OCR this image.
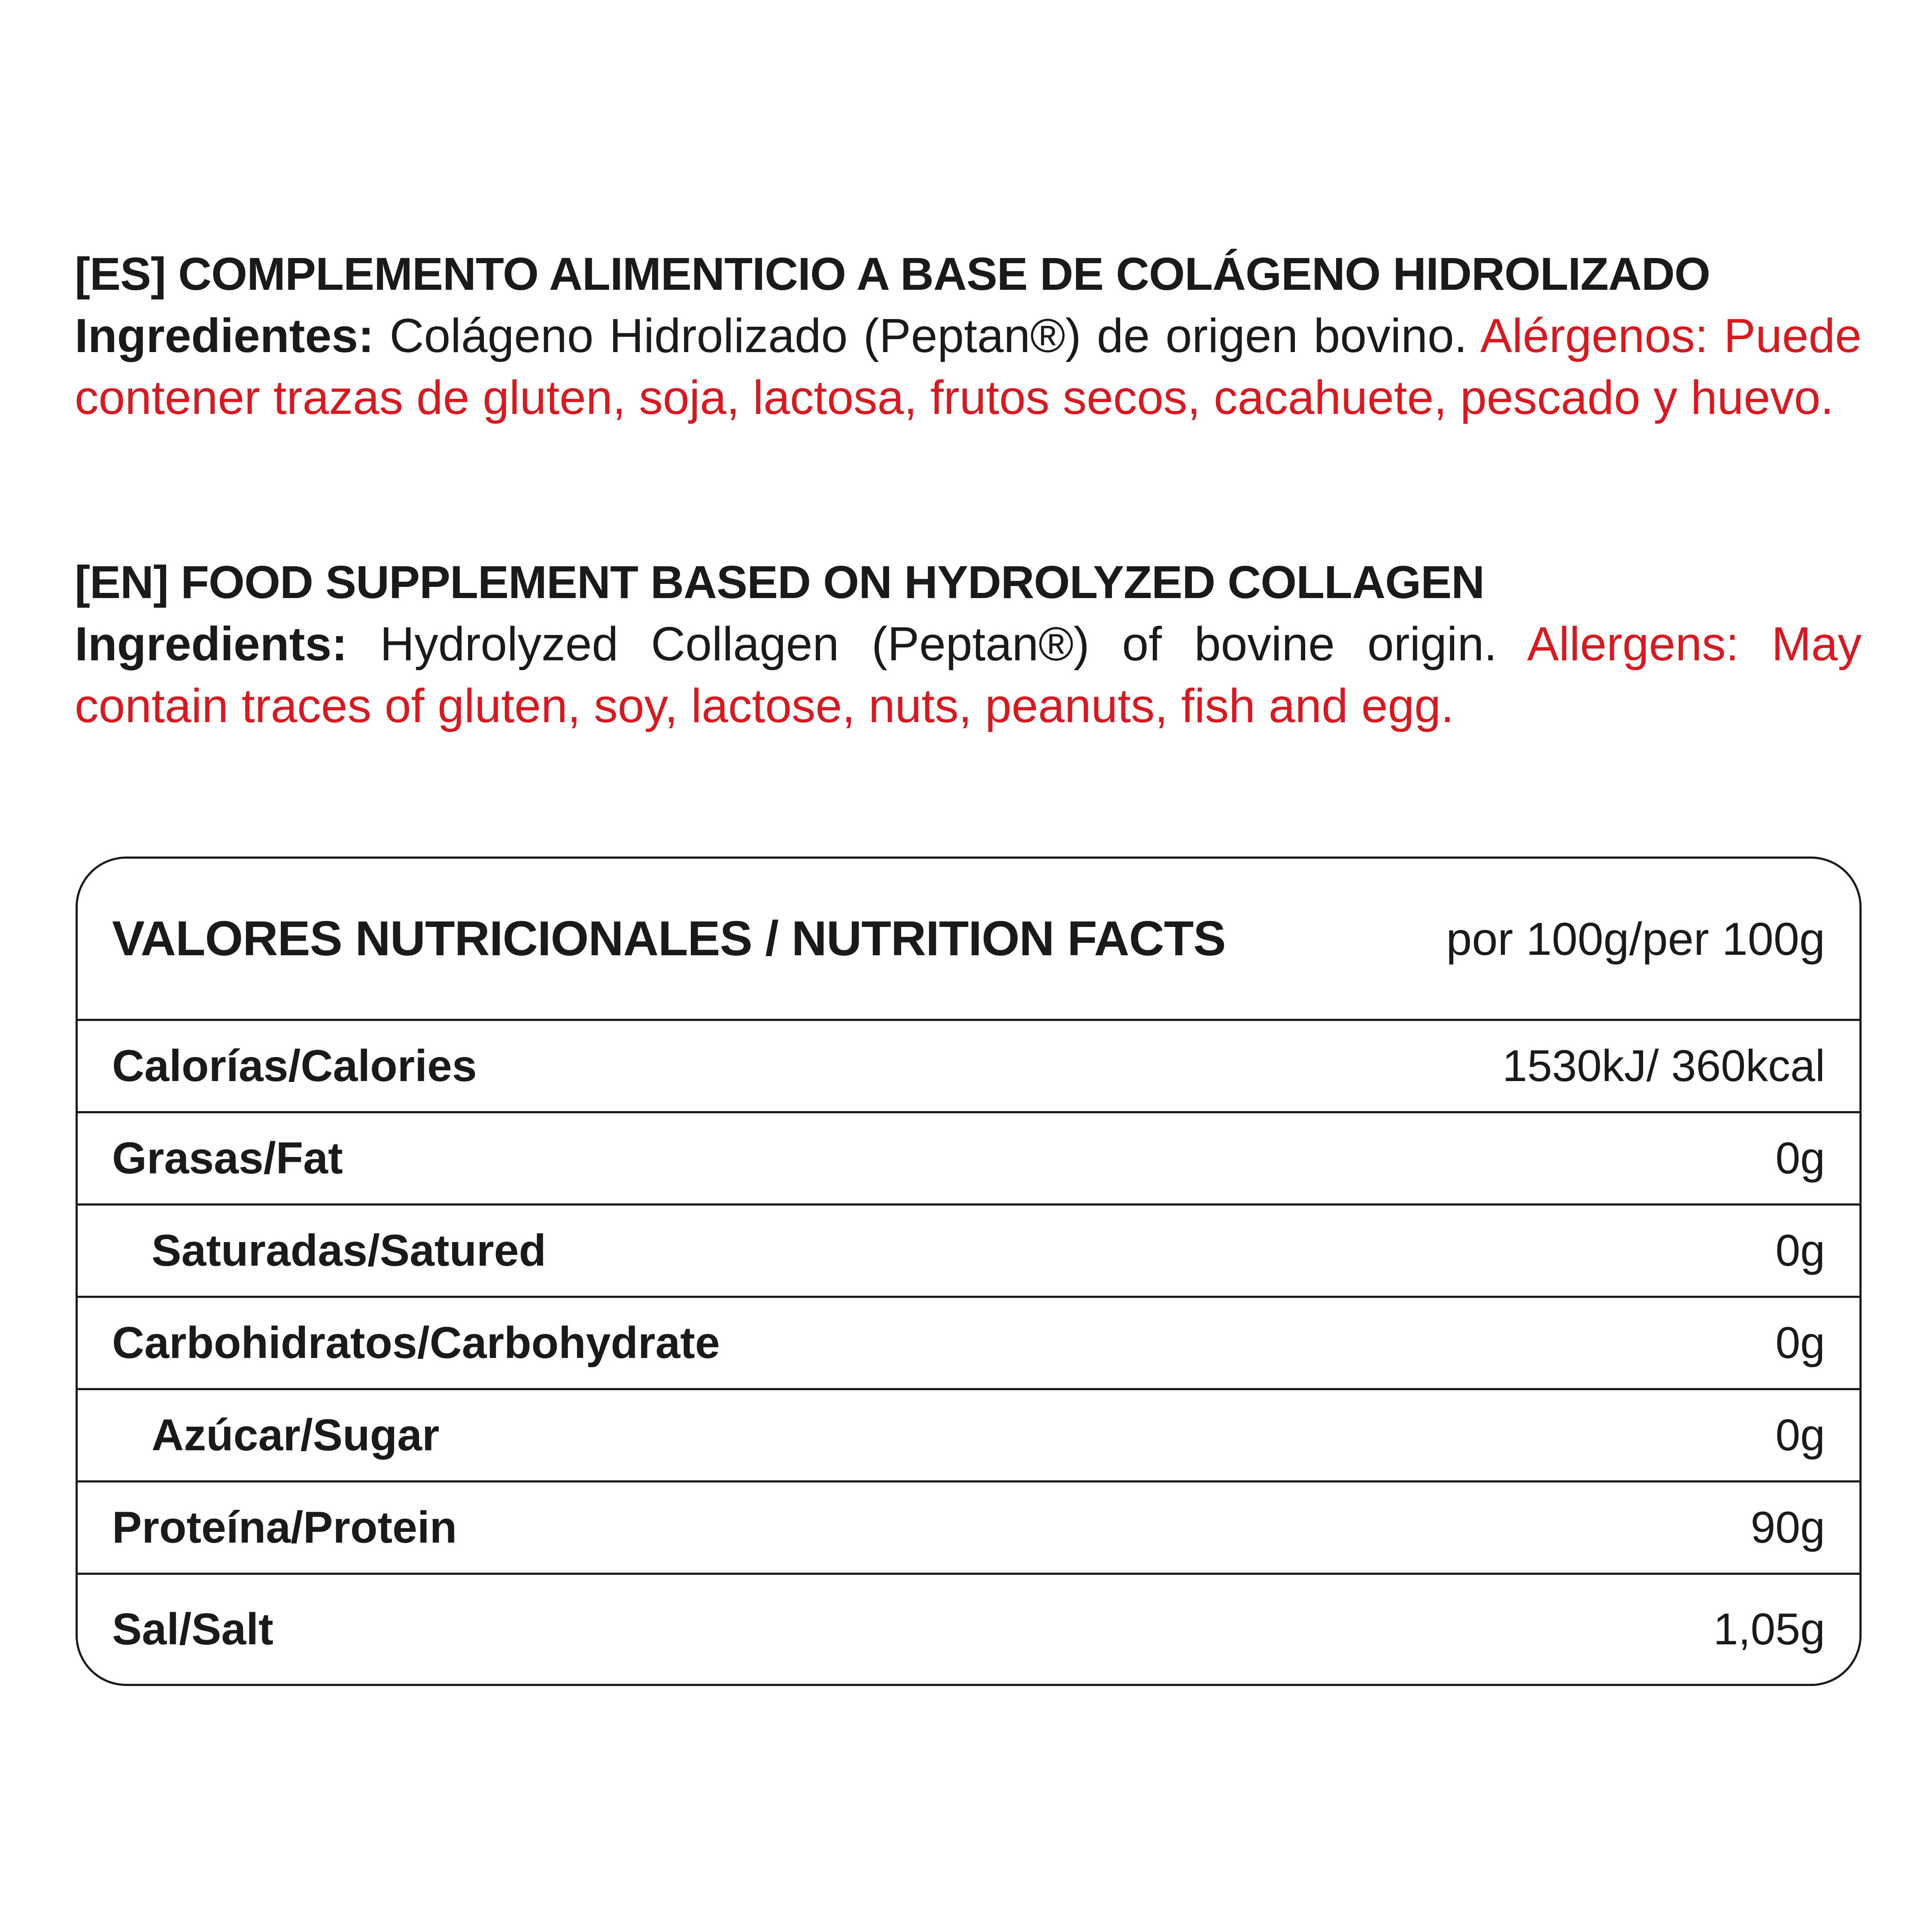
[ES] COMPLEMENTO ALIMENTICIO A BASE DE COLÁGENO HIDROLIZADO
Ingredientes: Colágeno Hidrolizado (Peptan®) de origen bovino. Alérgenos: Puede contener trazas de gluten, soja, lactosa, frutos secos, cacahuete, pescado y huevo.
[EN] FOOD SUPPLEMENT BASED ON HYDROLYZED COLLAGEN
Ingredients: Hydrolyzed Collagen (Peptan®) of bovine origin. Allergens: May contain traces of gluten, soy, lactose, nuts, peanuts, fish and egg.
VALORES NUTRICIONALES / NUTRITION FACTS	por 100g/per 100g
Calorías/Calories	1530kJ/ 360kcal
Grasas/Fat	0g
Saturadas/Satured	0g
Carbohidratos/Carbohydrate	0g
Azúcar/Sugar	0g
Proteína/Protein	90g
Sal/Salt	1,05g
